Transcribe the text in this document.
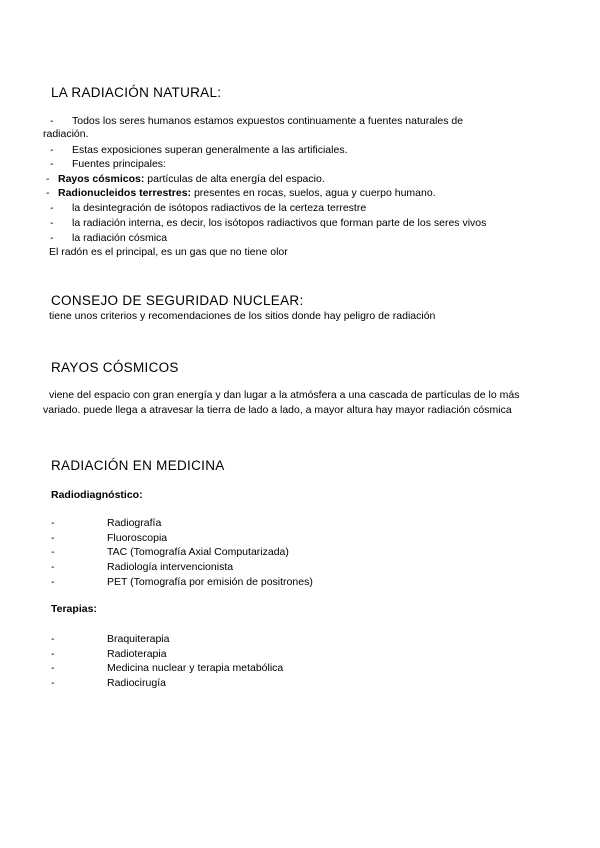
LA RADIACIÓN NATURAL:
- Todos los seres humanos estamos expuestos continuamente a fuentes naturales de
radiación.
- Estas exposiciones superan generalmente a las artificiales.
- Fuentes principales:
- Rayos cósmicos: partículas de alta energía del espacio.
- Radionucleidos terrestres: presentes en rocas, suelos, agua y cuerpo humano.
- la desintegración de isótopos radiactivos de la certeza terrestre
- la radiación interna, es decir, los isótopos radiactivos que forman parte de los seres vivos
- la radiación cósmica
El radón es el principal, es un gas que no tiene olor
CONSEJO DE SEGURIDAD NUCLEAR:
tiene unos criterios y recomendaciones de los sitios donde hay peligro de radiación
RAYOS CÓSMICOS
viene del espacio con gran energía y dan lugar a la atmósfera a una cascada de partículas de lo más
variado. puede llega a atravesar la tierra de lado a lado, a mayor altura hay mayor radiación cósmica
RADIACIÓN EN MEDICINA
Radiodiagnóstico:
-	Radiografía
-	Fluoroscopia
-	TAC (Tomografía Axial Computarizada)
-	Radiología intervencionista
-	PET (Tomografía por emisión de positrones)
Terapias:
-	Braquiterapia
-	Radioterapia
-	Medicina nuclear y terapia metabólica
-	Radiocirugía
